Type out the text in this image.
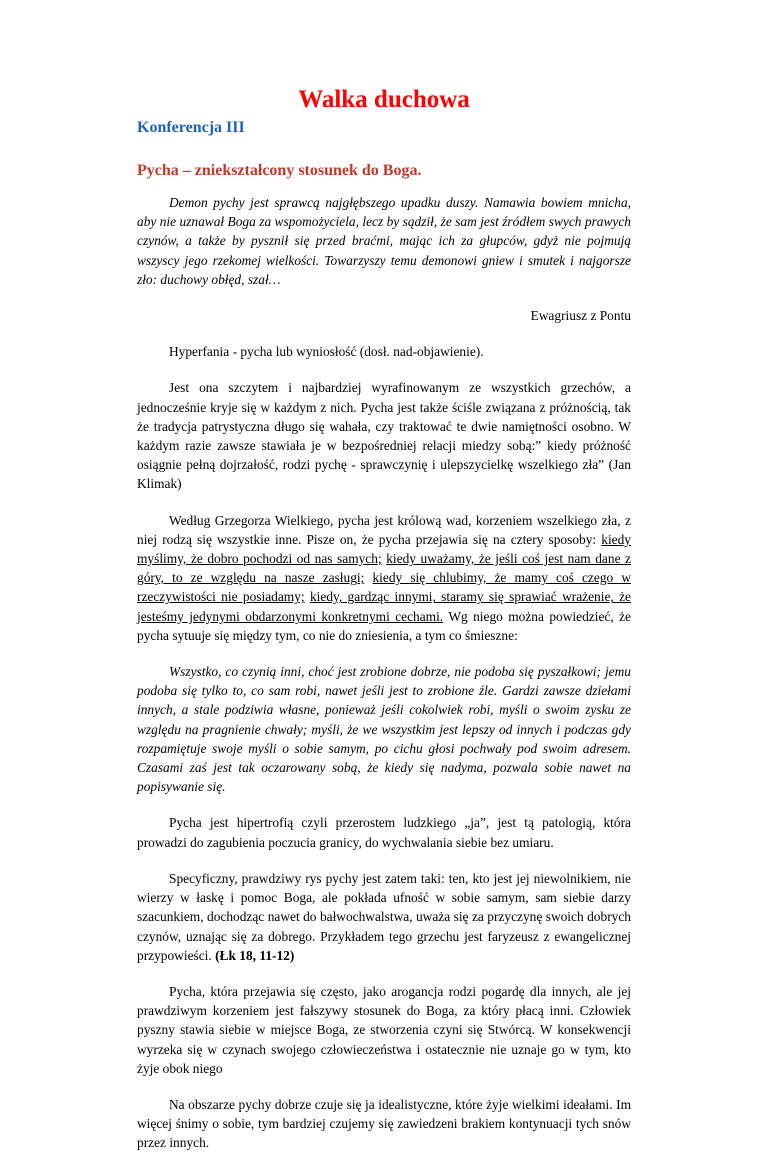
Walka duchowa
Konferencja III
Pycha – zniekształcony stosunek do Boga.

Demon pychy jest sprawcą najgłębszego upadku duszy. Namawia bowiem mnicha, aby nie uznawał Boga za wspomożyciela, lecz by sądził, że sam jest źródłem swych prawych czynów, a także by pysznił się przed braćmi, mając ich za głupców, gdyż nie pojmują wszyscy jego rzekomej wielkości. Towarzyszy temu demonowi gniew i smutek i najgorsze zło: duchowy obłęd, szał…

Ewagriusz z Pontu

Hyperfania - pycha lub wyniosłość (dosł. nad-objawienie).

Jest ona szczytem i najbardziej wyrafinowanym ze wszystkich grzechów, a jednocześnie kryje się w każdym z nich. Pycha jest także ściśle związana z próżnością, tak że tradycja patrystyczna długo się wahała, czy traktować te dwie namiętności osobno. W każdym razie zawsze stawiała je w bezpośredniej relacji miedzy sobą:” kiedy próżność osiągnie pełną dojrzałość, rodzi pychę - sprawczynię i ulepszycielkę wszelkiego zła” (Jan Klimak)

Według Grzegorza Wielkiego, pycha jest królową wad, korzeniem wszelkiego zła, z niej rodzą się wszystkie inne. Pisze on, że pycha przejawia się na cztery sposoby: kiedy myślimy, że dobro pochodzi od nas samych; kiedy uważamy, że jeśli coś jest nam dane z góry, to ze względu na nasze zasługi; kiedy się chlubimy, że mamy coś czego w rzeczywistości nie posiadamy; kiedy, gardząc innymi, staramy się sprawiać wrażenie, że jesteśmy jedynymi obdarzonymi konkretnymi cechami. Wg niego można powiedzieć, że pycha sytuuje się między tym, co nie do zniesienia, a tym co śmieszne:

Wszystko, co czynią inni, choć jest zrobione dobrze, nie podoba się pyszałkowi; jemu podoba się tylko to, co sam robi, nawet jeśli jest to zrobione źle. Gardzi zawsze dziełami innych, a stale podziwia własne, ponieważ jeśli cokolwiek robi, myśli o swoim zysku ze względu na pragnienie chwały; myśli, że we wszystkim jest lepszy od innych i podczas gdy rozpamiętuje swoje myśli o sobie samym, po cichu głosi pochwały pod swoim adresem. Czasami zaś jest tak oczarowany sobą, że kiedy się nadyma, pozwala sobie nawet na popisywanie się.

Pycha jest hipertrofią czyli przerostem ludzkiego „ja”, jest tą patologią, która prowadzi do zagubienia poczucia granicy, do wychwalania siebie bez umiaru.

Specyficzny, prawdziwy rys pychy jest zatem taki: ten, kto jest jej niewolnikiem, nie wierzy w łaskę i pomoc Boga, ale pokłada ufność w sobie samym, sam siebie darzy szacunkiem, dochodząc nawet do bałwochwalstwa, uważa się za przyczynę swoich dobrych czynów, uznając się za dobrego. Przykładem tego grzechu jest faryzeusz z ewangelicznej przypowieści. (Łk 18, 11-12)

Pycha, która przejawia się często, jako arogancja rodzi pogardę dla innych, ale jej prawdziwym korzeniem jest fałszywy stosunek do Boga, za który płacą inni. Człowiek pyszny stawia siebie w miejsce Boga, ze stworzenia czyni się Stwórcą. W konsekwencji wyrzeka się w czynach swojego człowieczeństwa i ostatecznie nie uznaje go w tym, kto żyje obok niego

Na obszarze pychy dobrze czuje się ja idealistyczne, które żyje wielkimi ideałami. Im więcej śnimy o sobie, tym bardziej czujemy się zawiedzeni brakiem kontynuacji tych snów przez innych.
